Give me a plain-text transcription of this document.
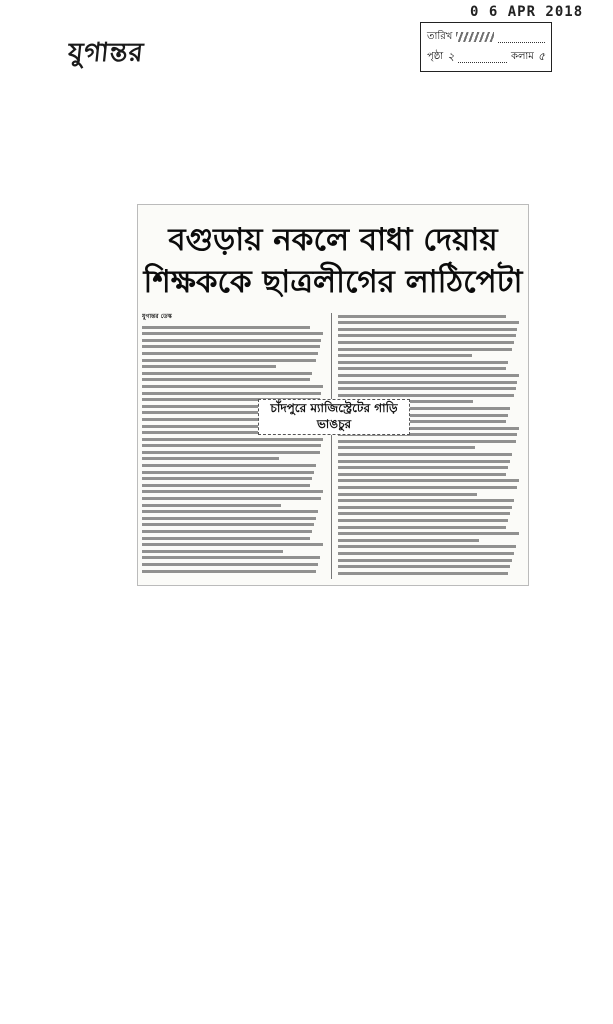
যুগান্তর
0 6 APR 2018
তারিখ
পৃষ্ঠা ২	কলাম ৫
বগুড়ায় নকলে বাধা দেয়ায়
শিক্ষককে ছাত্রলীগের লাঠিপেটা
যুগান্তর ডেস্ক
চাঁদপুরে ম্যাজিস্ট্রেটের গাড়ি ভাঙচুর
